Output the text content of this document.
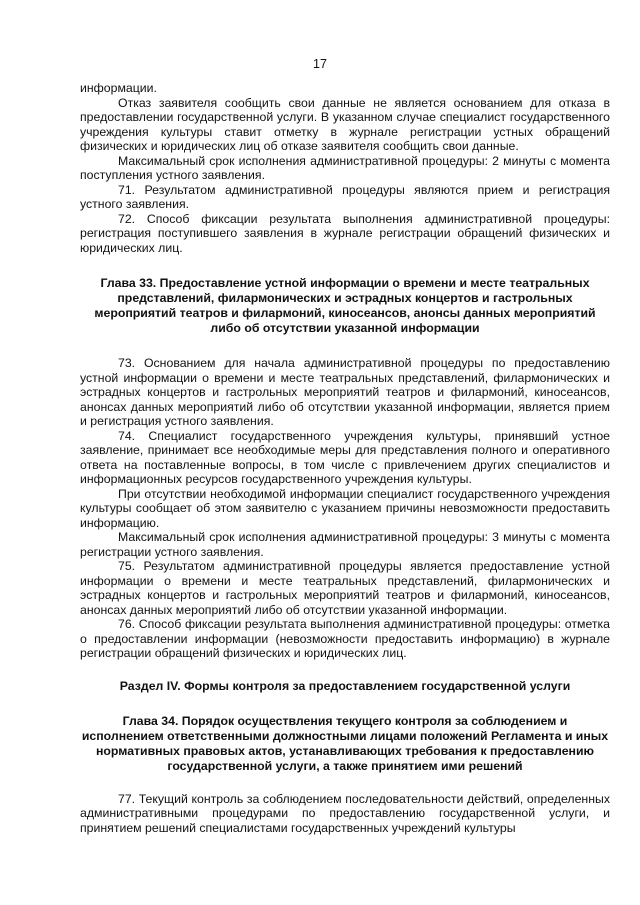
17

информации.

Отказ заявителя сообщить свои данные не является основанием для отказа в предоставлении государственной услуги. В указанном случае специалист государственного учреждения культуры ставит отметку в журнале регистрации устных обращений физических и юридических лиц об отказе заявителя сообщить свои данные.

Максимальный срок исполнения административной процедуры: 2 минуты с момента поступления устного заявления.

71. Результатом административной процедуры являются прием и регистрация устного заявления.

72. Способ фиксации результата выполнения административной процедуры: регистрация поступившего заявления в журнале регистрации обращений физических и юридических лиц.

Глава 33. Предоставление устной информации о времени и месте театральных представлений, филармонических и эстрадных концертов и гастрольных мероприятий театров и филармоний, киносеансов, анонсы данных мероприятий либо об отсутствии указанной информации

73. Основанием для начала административной процедуры по предоставлению устной информации о времени и месте театральных представлений, филармонических и эстрадных концертов и гастрольных мероприятий театров и филармоний, киносеансов, анонсах данных мероприятий либо об отсутствии указанной информации, является прием и регистрация устного заявления.

74. Специалист государственного учреждения культуры, принявший устное заявление, принимает все необходимые меры для представления полного и оперативного ответа на поставленные вопросы, в том числе с привлечением других специалистов и информационных ресурсов государственного учреждения культуры.

При отсутствии необходимой информации специалист государственного учреждения культуры сообщает об этом заявителю с указанием причины невозможности предоставить информацию.

Максимальный срок исполнения административной процедуры: 3 минуты с момента регистрации устного заявления.

75. Результатом административной процедуры является предоставление устной информации о времени и месте театральных представлений, филармонических и эстрадных концертов и гастрольных мероприятий театров и филармоний, киносеансов, анонсах данных мероприятий либо об отсутствии указанной информации.

76. Способ фиксации результата выполнения административной процедуры: отметка о предоставлении информации (невозможности предоставить информацию) в журнале регистрации обращений физических и юридических лиц.

Раздел IV. Формы контроля за предоставлением государственной услуги
Глава 34. Порядок осуществления текущего контроля за соблюдением и исполнением ответственными должностными лицами положений Регламента и иных нормативных правовых актов, устанавливающих требования к предоставлению государственной услуги, а также принятием ими решений

77. Текущий контроль за соблюдением последовательности действий, определенных административными процедурами по предоставлению государственной услуги, и принятием решений специалистами государственных учреждений культуры
